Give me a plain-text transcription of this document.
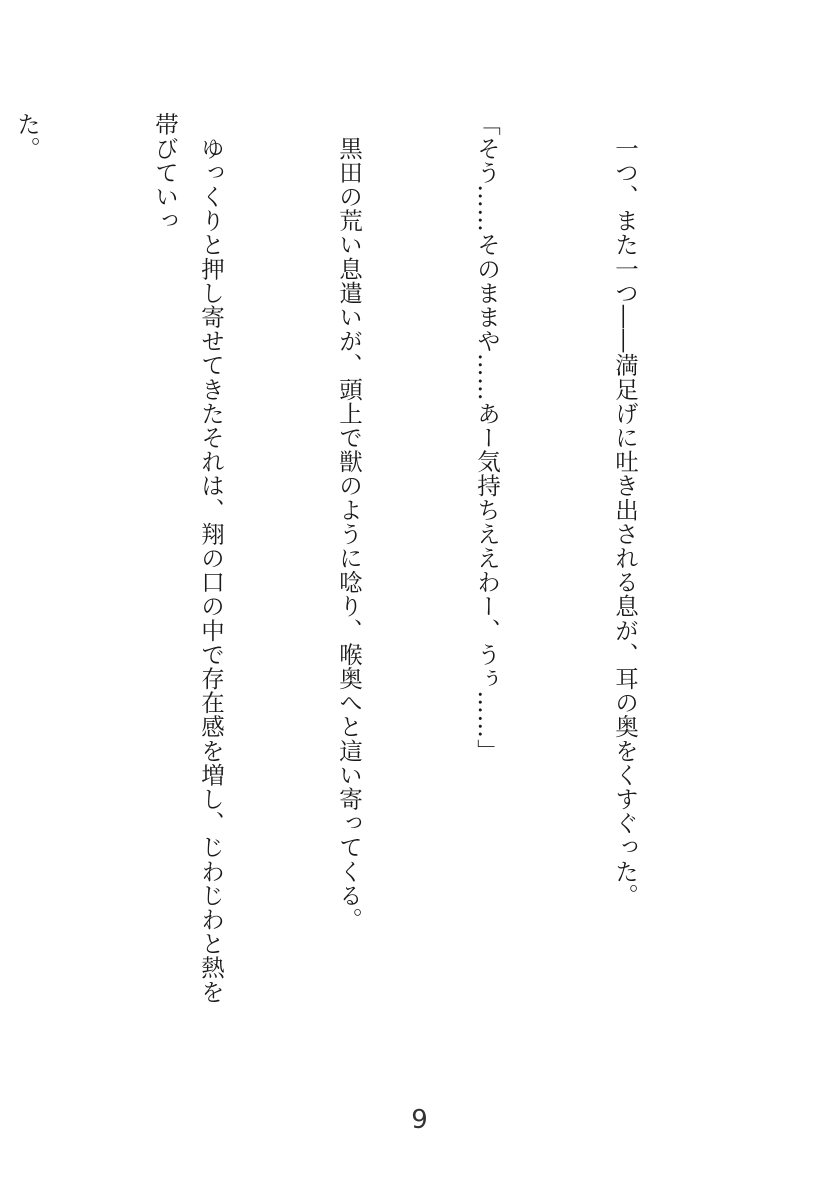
　一つ、また一つ――満足げに吐き出される息が、耳の奥をくすぐった。

「そう……そのままや……あー気持ちええわー、うぅ……」

　黒田の荒い息遣いが、頭上で獣のように唸り、喉奥へと這い寄ってくる。

　ゆっくりと押し寄せてきたそれは、翔の口の中で存在感を増し、じわじわと熱を帯びていっ

た。

9
